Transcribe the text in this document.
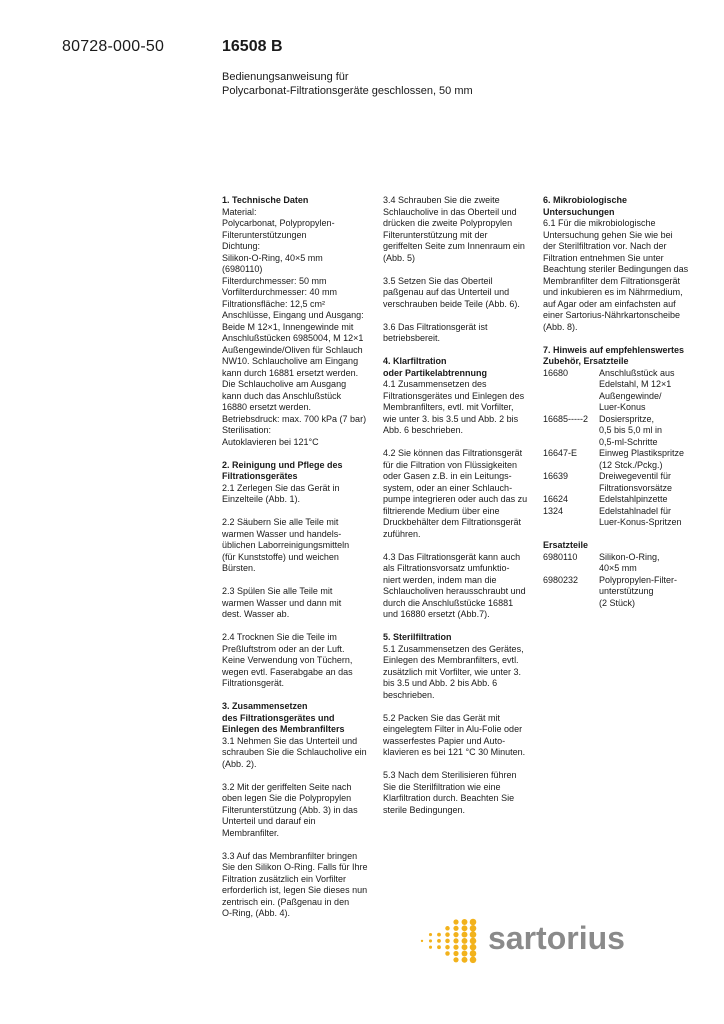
80728-000-50	16508 B
Bedienungsanweisung für
Polycarbonat-Filtrationsgeräte geschlossen, 50 mm
1. Technische Daten
Material:
Polycarbonat, Polypropylen-
Filterunterstützungen
Dichtung:
Silikon-O-Ring, 40×5 mm
(6980110)
Filterdurchmesser: 50 mm
Vorfilterdurchmesser: 40 mm
Filtrationsfläche: 12,5 cm²
Anschlüsse, Eingang und Ausgang:
Beide M 12×1, Innengewinde mit
Anschlußstücken 6985004, M 12×1
Außengewinde/Oliven für Schlauch
NW10. Schlaucholive am Eingang
kann durch 16881 ersetzt werden.
Die Schlaucholive am Ausgang
kann duch das Anschlußstück
16880 ersetzt werden.
Betriebsdruck: max. 700 kPa (7 bar)
Sterilisation:
Autoklavieren bei 121°C
2. Reinigung und Pflege des
Filtrationsgerätes
2.1 Zerlegen Sie das Gerät in
Einzelteile (Abb. 1).
2.2 Säubern Sie alle Teile mit
warmen Wasser und handels-
üblichen Laborreinigungsmitteln
(für Kunststoffe) und weichen
Bürsten.
2.3 Spülen Sie alle Teile mit
warmen Wasser und dann mit
dest. Wasser ab.
2.4 Trocknen Sie die Teile im
Preßluftstrom oder an der Luft.
Keine Verwendung von Tüchern,
wegen evtl. Faserabgabe an das
Filtrationsgerät.
3. Zusammensetzen
des Filtrationsgerätes und
Einlegen des Membranfilters
3.1 Nehmen Sie das Unterteil und
schrauben Sie die Schlaucholive ein
(Abb. 2).
3.2 Mit der geriffelten Seite nach
oben legen Sie die Polypropylen
Filterunterstützung (Abb. 3) in das
Unterteil und darauf ein
Membranfilter.
3.3 Auf das Membranfilter bringen
Sie den Silikon O-Ring. Falls für Ihre
Filtration zusätzlich ein Vorfilter
erforderlich ist, legen Sie dieses nun
zentrisch ein. (Paßgenau in den
O-Ring, (Abb. 4).
3.4 Schrauben Sie die zweite
Schlaucholive in das Oberteil und
drücken die zweite Polypropylen
Filterunterstützung mit der
geriffelten Seite zum Innenraum ein
(Abb. 5)
3.5 Setzen Sie das Oberteil
paßgenau auf das Unterteil und
verschrauben beide Teile (Abb. 6).
3.6 Das Filtrationsgerät ist
betriebsbereit.
4. Klarfiltration
oder Partikelabtrennung
4.1 Zusammensetzen des
Filtrationsgerätes und Einlegen des
Membranfilters, evtl. mit Vorfilter,
wie unter 3. bis 3.5 und Abb. 2 bis
Abb. 6 beschrieben.
4.2 Sie können das Filtrationsgerät
für die Filtration von Flüssigkeiten
oder Gasen z.B. in ein Leitungs-
system, oder an einer Schlauch-
pumpe integrieren oder auch das zu
filtrierende Medium über eine
Druckbehälter dem Filtrationsgerät
zuführen.
4.3 Das Filtrationsgerät kann auch
als Filtrationsvorsatz umfunktio-
niert werden, indem man die
Schlaucholiven herausschraubt und
durch die Anschlußstücke 16881
und 16880 ersetzt (Abb.7).
5. Sterilfiltration
5.1 Zusammensetzen des Gerätes,
Einlegen des Membranfilters, evtl.
zusätzlich mit Vorfilter, wie unter 3.
bis 3.5 und Abb. 2 bis Abb. 6
beschrieben.
5.2 Packen Sie das Gerät mit
eingelegtem Filter in Alu-Folie oder
wasserfestes Papier und Auto-
klavieren es bei 121 °C 30 Minuten.
5.3 Nach dem Sterilisieren führen
Sie die Sterilfiltration wie eine
Klarfiltration durch. Beachten Sie
sterile Bedingungen.
6. Mikrobiologische
Untersuchungen
6.1 Für die mikrobiologische
Untersuchung gehen Sie wie bei
der Sterilfiltration vor. Nach der
Filtration entnehmen Sie unter
Beachtung steriler Bedingungen das
Membranfilter dem Filtrationsgerät
und inkubieren es im Nährmedium,
auf Agar oder am einfachsten auf
einer Sartorius-Nährkartonscheibe
(Abb. 8).
7. Hinweis auf empfehlenswertes
Zubehör, Ersatzteile
16680	Anschlußstück aus
Edelstahl, M 12×1
Außengewinde/
Luer-Konus
16685-----2	Dosierspritze,
0,5 bis 5,0 ml in
0,5-ml-Schritte
16647-E	Einweg Plastikspritze
(12 Stck./Pckg.)
16639	Dreiwegeventil für
Filtrationsvorsätze
16624	Edelstahlpinzette
1324	Edelstahlnadel für
Luer-Konus-Spritzen
Ersatzteile
6980110	Silikon-O-Ring,
40×5 mm
6980232	Polypropylen-Filter-
unterstützung
(2 Stück)
sartorius
